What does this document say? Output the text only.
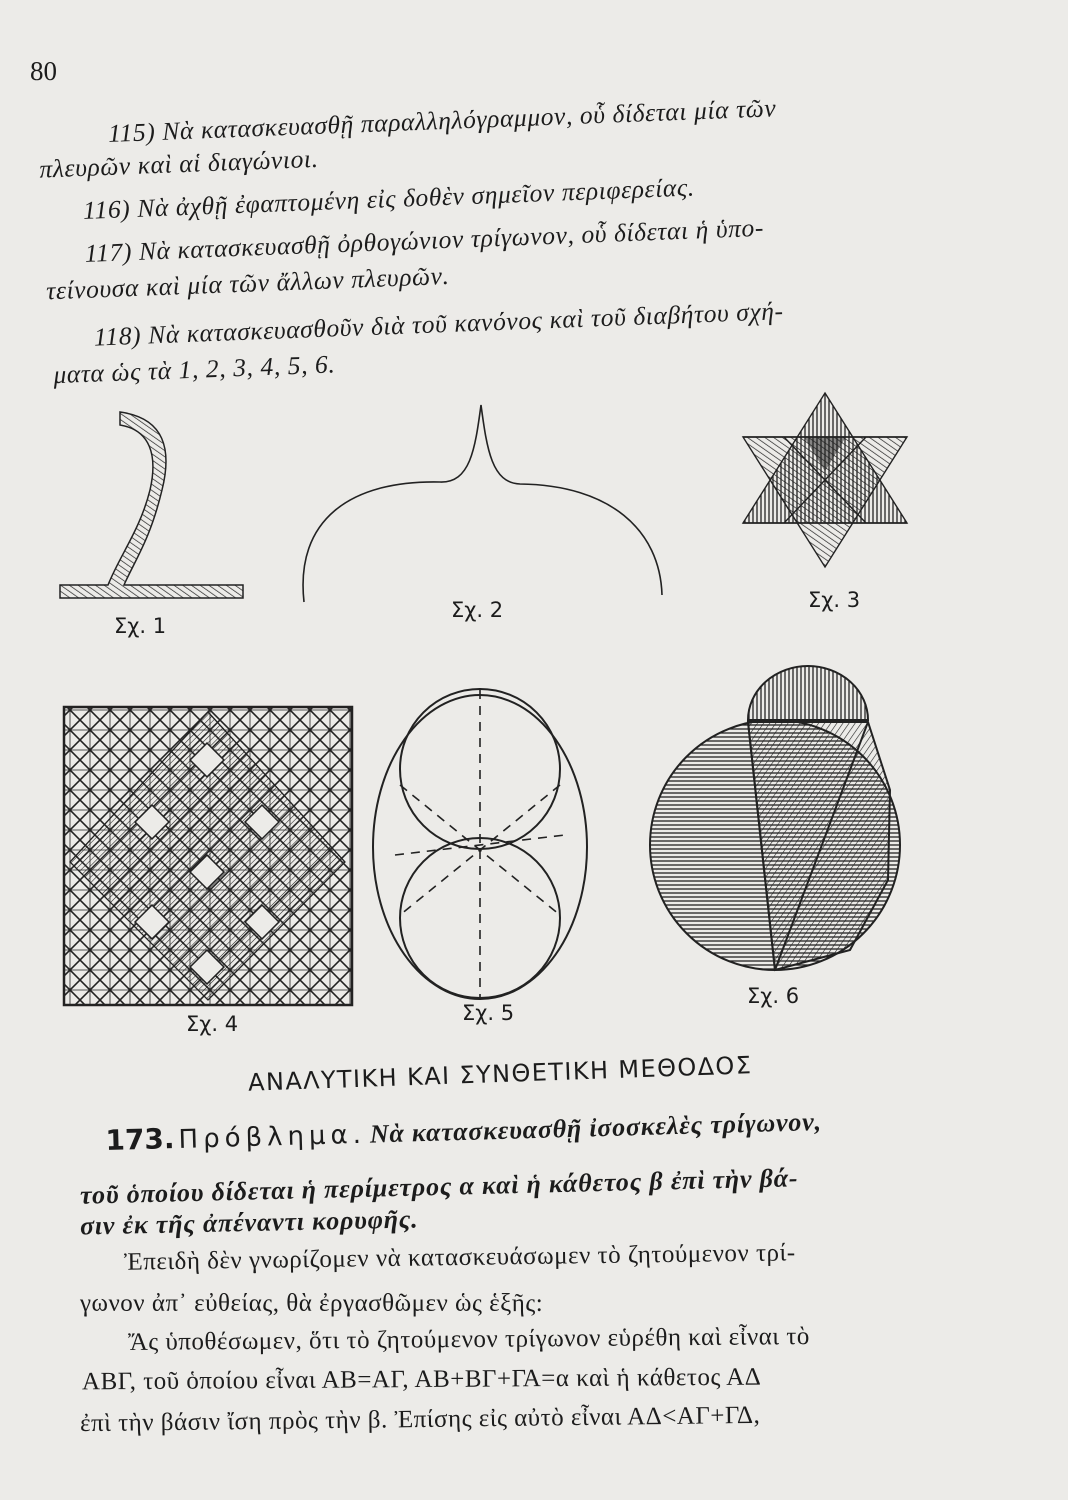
80
115) Νὰ κατασκευασθῇ παραλληλόγραμμον, οὗ δίδεται μία τῶν
πλευρῶν καὶ αἱ διαγώνιοι.
116) Νὰ ἀχθῇ ἐφαπτομένη εἰς δοθὲν σημεῖον περιφερείας.
117) Νὰ κατασκευασθῇ ὀρθογώνιον τρίγωνον, οὗ δίδεται ἡ ὑπο-
τείνουσα καὶ μία τῶν ἄλλων πλευρῶν.
118) Νὰ κατασκευασθοῦν διὰ τοῦ κανόνος καὶ τοῦ διαβήτου σχή-
ματα ὡς τὰ 1, 2, 3, 4, 5, 6.
Σχ. 1
Σχ. 2	Σχ. 3
Σχ. 4	Σχ. 5
Σχ. 6
ΑΝΑΛΥΤΙΚΗ ΚΑΙ ΣΥΝΘΕΤΙΚΗ ΜΕΘΟΔΟΣ
173. Πρόβλημα. Νὰ κατασκευασθῇ ἰσοσκελὲς τρίγωνον,
τοῦ ὁποίου δίδεται ἡ περίμετρος α καὶ ἡ κάθετος β ἐπὶ τὴν βά-
σιν ἐκ τῆς ἀπέναντι κορυφῆς.
Ἐπειδὴ δὲν γνωρίζομεν νὰ κατασκευάσωμεν τὸ ζητούμενον τρί-
γωνον ἀπ᾽ εὐθείας, θὰ ἐργασθῶμεν ὡς ἑξῆς:
Ἄς ὑποθέσωμεν, ὅτι τὸ ζητούμενον τρίγωνον εὑρέθη καὶ εἶναι τὸ
ΑΒΓ, τοῦ ὁποίου εἶναι ΑΒ=ΑΓ, ΑΒ+ΒΓ+ΓΑ=α καὶ ἡ κάθετος ΑΔ
ἐπὶ τὴν βάσιν ἴση πρὸς τὴν β. Ἐπίσης εἰς αὐτὸ εἶναι ΑΔ<ΑΓ+ΓΔ,
